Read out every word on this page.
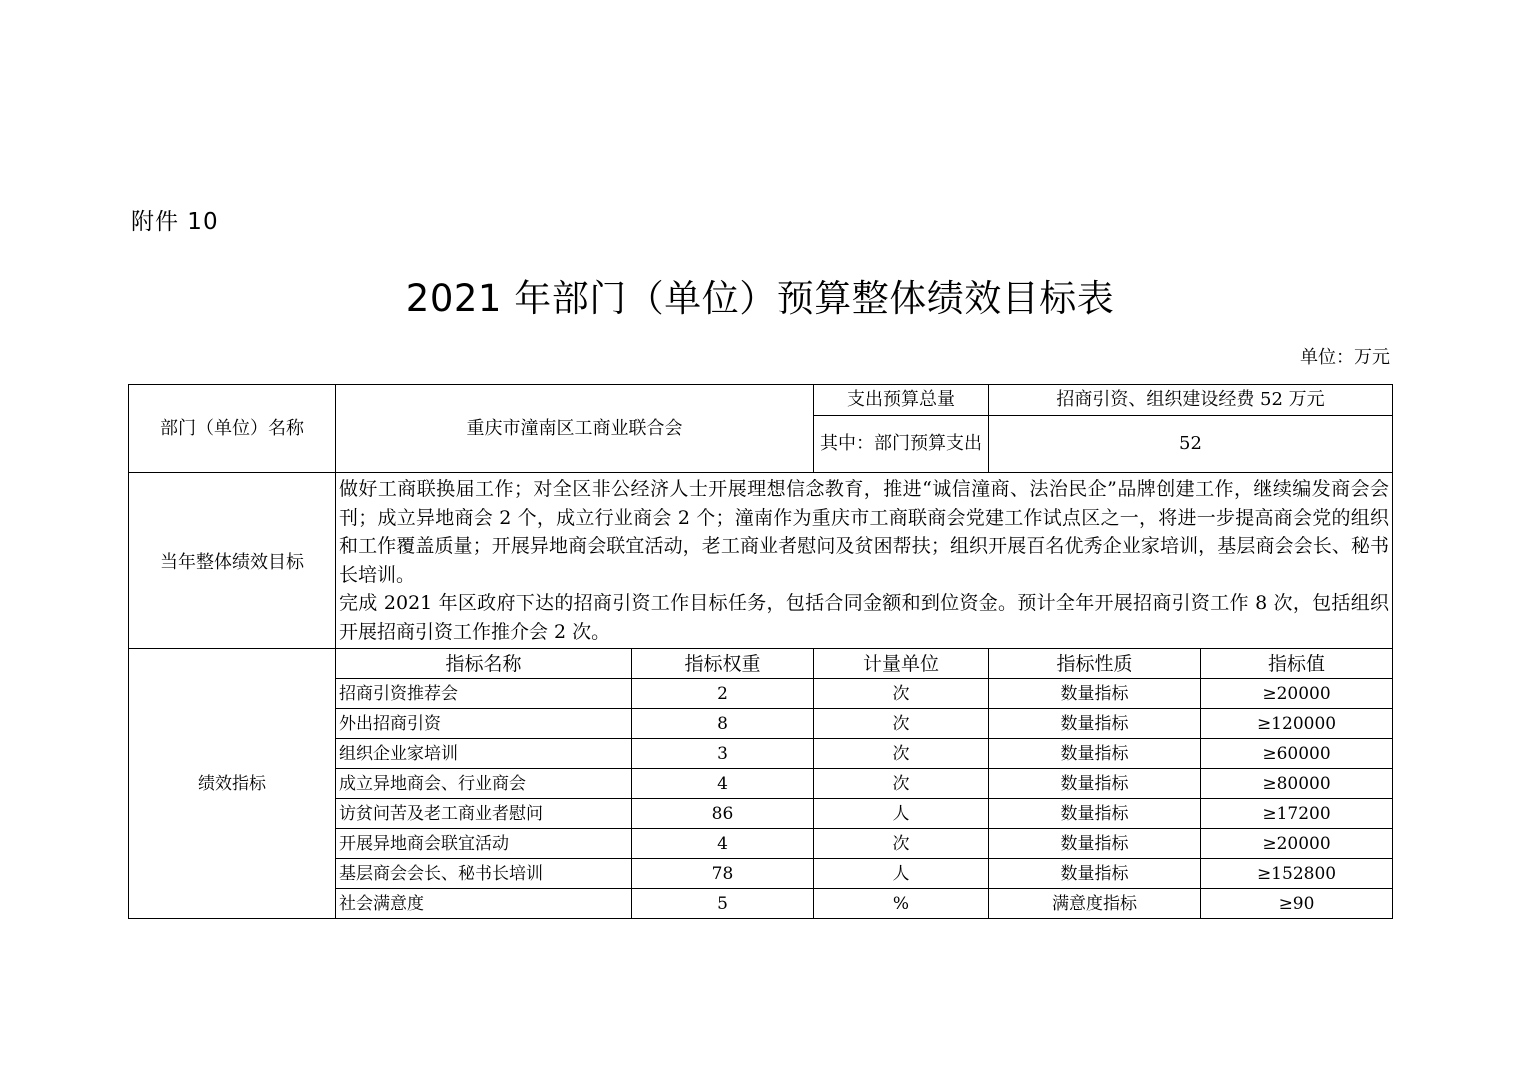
附件 10
2021 年部门（单位）预算整体绩效目标表
单位：万元
部门（单位）名称	重庆市潼南区工商业联合会		支出预算总量	招商引资、组织建设经费 52 万元	
			其中：部门预算支出	52	
当年整体绩效目标	做好工商联换届工作；对全区非公经济人士开展理想信念教育，推进“诚信潼商、法治民企”品牌创建工作，继续编发商会会刊；成立异地商会 2 个，成立行业商会 2 个；潼南作为重庆市工商联商会党建工作试点区之一，将进一步提高商会党的组织和工作覆盖质量；开展异地商会联宜活动，老工商业者慰问及贫困帮扶；组织开展百名优秀企业家培训，基层商会会长、秘书长培训。
完成 2021 年区政府下达的招商引资工作目标任务，包括合同金额和到位资金。预计全年开展招商引资工作 8 次，包括组织开展招商引资工作推介会 2 次。				

绩效指标	指标名称	指标权重	计量单位	指标性质	指标值
	招商引资推荐会	2	次	数量指标	≥20000
	外出招商引资	8	次	数量指标	≥120000
	组织企业家培训	3	次	数量指标	≥60000
	成立异地商会、行业商会	4	次	数量指标	≥80000
	访贫问苦及老工商业者慰问	86	人	数量指标	≥17200
	开展异地商会联宜活动	4	次	数量指标	≥20000
	基层商会会长、秘书长培训	78	人	数量指标	≥152800
	社会满意度	5	%	满意度指标	≥90
